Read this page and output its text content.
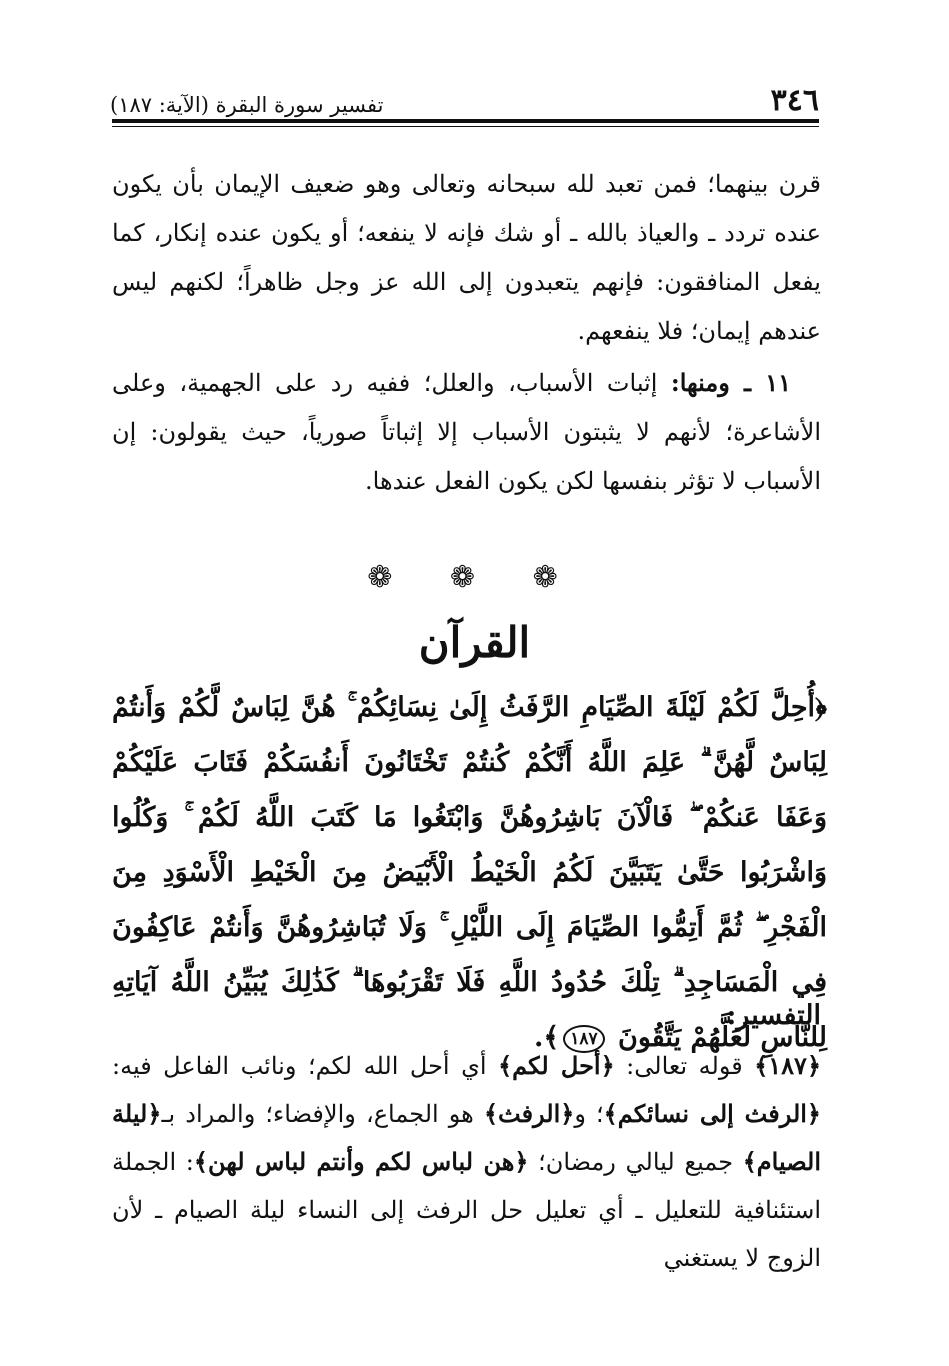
٣٤٦
تفسير سورة البقرة (الآية: ١٨٧)
قرن بينهما؛ فمن تعبد لله سبحانه وتعالى وهو ضعيف الإيمان بأن يكون عنده تردد ـ والعياذ بالله ـ أو شك فإنه لا ينفعه؛ أو يكون عنده إنكار، كما يفعل المنافقون: فإنهم يتعبدون إلى الله عز وجل ظاهراً؛ لكنهم ليس عندهم إيمان؛ فلا ينفعهم.
١١ ـ ومنها: إثبات الأسباب، والعلل؛ ففيه رد على الجهمية، وعلى الأشاعرة؛ لأنهم لا يثبتون الأسباب إلا إثباتاً صورياً، حيث يقولون: إن الأسباب لا تؤثر بنفسها لكن يكون الفعل عندها.
❁ ❁ ❁
القرآن
﴿أُحِلَّ لَكُمْ لَيْلَةَ الصِّيَامِ الرَّفَثُ إِلَىٰ نِسَائِكُمْ ۚ هُنَّ لِبَاسٌ لَّكُمْ وَأَنتُمْ لِبَاسٌ لَّهُنَّ ۗ عَلِمَ اللَّهُ أَنَّكُمْ كُنتُمْ تَخْتَانُونَ أَنفُسَكُمْ فَتَابَ عَلَيْكُمْ وَعَفَا عَنكُمْ ۖ فَالْآنَ بَاشِرُوهُنَّ وَابْتَغُوا مَا كَتَبَ اللَّهُ لَكُمْ ۚ وَكُلُوا وَاشْرَبُوا حَتَّىٰ يَتَبَيَّنَ لَكُمُ الْخَيْطُ الْأَبْيَضُ مِنَ الْخَيْطِ الْأَسْوَدِ مِنَ الْفَجْرِ ۖ ثُمَّ أَتِمُّوا الصِّيَامَ إِلَى اللَّيْلِ ۚ وَلَا تُبَاشِرُوهُنَّ وَأَنتُمْ عَاكِفُونَ فِي الْمَسَاجِدِ ۗ تِلْكَ حُدُودُ اللَّهِ فَلَا تَقْرَبُوهَا ۗ كَذَٰلِكَ يُبَيِّنُ اللَّهُ آيَاتِهِ لِلنَّاسِ لَعَلَّهُمْ يَتَّقُونَ ١٨٧﴾.
التفسير:
﴿١٨٧﴾ قوله تعالى: ﴿أحل لكم﴾ أي أحل الله لكم؛ ونائب الفاعل فيه: ﴿الرفث إلى نسائكم﴾؛ و﴿الرفث﴾ هو الجماع، والإفضاء؛ والمراد بـ﴿ليلة الصيام﴾ جميع ليالي رمضان؛ ﴿هن لباس لكم وأنتم لباس لهن﴾: الجملة استئنافية للتعليل ـ أي تعليل حل الرفث إلى النساء ليلة الصيام ـ لأن الزوج لا يستغني
